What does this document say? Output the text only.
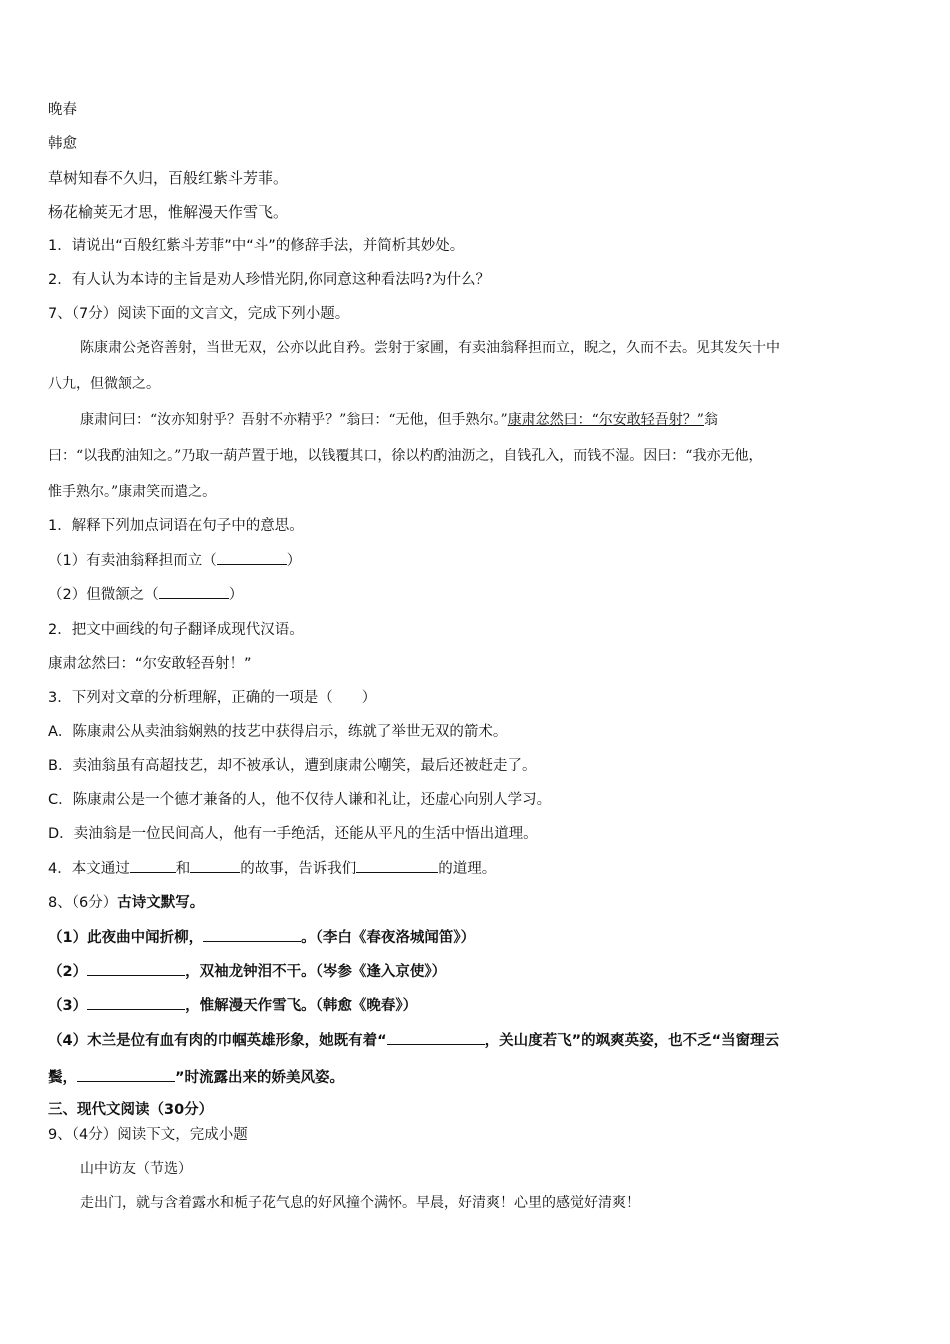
晚春

韩愈

草树知春不久归，百般红紫斗芳菲。

杨花榆荚无才思，惟解漫天作雪飞。

1．请说出“百般红紫斗芳菲”中“斗”的修辞手法，并简析其妙处。

2．有人认为本诗的主旨是劝人珍惜光阴,你同意这种看法吗?为什么？

7、（7分）阅读下面的文言文，完成下列小题。

陈康肃公尧咨善射，当世无双，公亦以此自矜。尝射于家圃，有卖油翁释担而立，睨之，久而不去。见其发矢十中

八九，但微颔之。

康肃问曰：“汝亦知射乎？吾射不亦精乎？”翁曰：“无他，但手熟尔。”康肃忿然曰：“尔安敢轻吾射？”翁

曰：“以我酌油知之。”乃取一葫芦置于地，以钱覆其口，徐以杓酌油沥之，自钱孔入，而钱不湿。因曰：“我亦无他，

惟手熟尔。”康肃笑而遣之。

1．解释下列加点词语在句子中的意思。

（1）有卖油翁释担而立（	）

（2）但微颔之（	）

2．把文中画线的句子翻译成现代汉语。

康肃忿然曰：“尔安敢轻吾射！”

3．下列对文章的分析理解，正确的一项是（　　）

A．陈康肃公从卖油翁娴熟的技艺中获得启示，练就了举世无双的箭术。

B．卖油翁虽有高超技艺，却不被承认，遭到康肃公嘲笑，最后还被赶走了。

C．陈康肃公是一个德才兼备的人，他不仅待人谦和礼让，还虚心向别人学习。

D．卖油翁是一位民间高人，他有一手绝活，还能从平凡的生活中悟出道理。

4．本文通过	和	的故事，告诉我们	的道理。

8、（6分）古诗文默写。

（1）此夜曲中闻折柳，	。（李白《春夜洛城闻笛》）

（2）	，双袖龙钟泪不干。（岑参《逢入京使》）

（3）	，惟解漫天作雪飞。（韩愈《晚春》）

（4）木兰是位有血有肉的巾帼英雄形象，她既有着“	，关山度若飞”的飒爽英姿，也不乏“当窗理云

鬓，	”时流露出来的娇美风姿。

三、现代文阅读（30分）

9、（4分）阅读下文，完成小题

山中访友（节选）

走出门，就与含着露水和栀子花气息的好风撞个满怀。早晨，好清爽！心里的感觉好清爽！
